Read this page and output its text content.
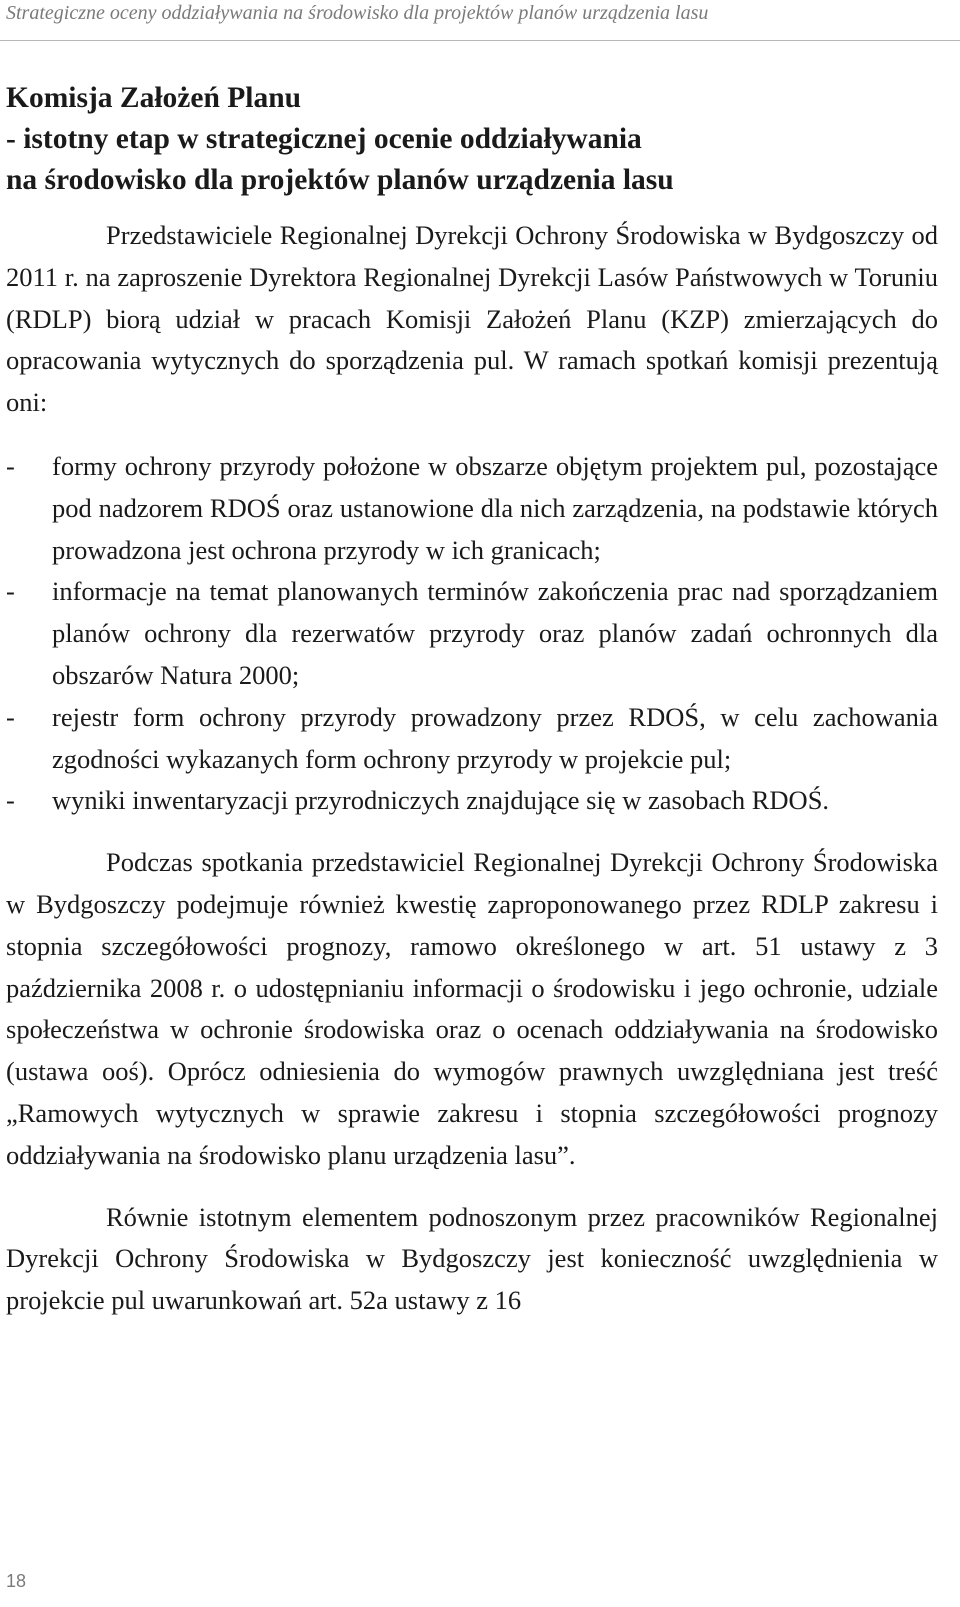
Strategiczne oceny oddziaływania na środowisko dla projektów planów urządzenia lasu
Komisja Założeń Planu
- istotny etap w strategicznej ocenie oddziaływania
na środowisko dla projektów planów urządzenia lasu

Przedstawiciele Regionalnej Dyrekcji Ochrony Środowiska w Bydgoszczy od 2011 r. na zaproszenie Dyrektora Regionalnej Dyrekcji Lasów Państwowych w Toruniu (RDLP) biorą udział w pracach Komisji Założeń Planu (KZP) zmierzających do opracowania wytycznych do sporządzenia pul. W ramach spotkań komisji prezentują oni:

- formy ochrony przyrody położone w obszarze objętym projektem pul, pozostające pod nadzorem RDOŚ oraz ustanowione dla nich zarządzenia, na podstawie których prowadzona jest ochrona przyrody w ich granicach;
- informacje na temat planowanych terminów zakończenia prac nad sporządzaniem planów ochrony dla rezerwatów przyrody oraz planów zadań ochronnych dla obszarów Natura 2000;
- rejestr form ochrony przyrody prowadzony przez RDOŚ, w celu zachowania zgodności wykazanych form ochrony przyrody w projekcie pul;
- wyniki inwentaryzacji przyrodniczych znajdujące się w zasobach RDOŚ.

Podczas spotkania przedstawiciel Regionalnej Dyrekcji Ochrony Środowiska w Bydgoszczy podejmuje również kwestię zaproponowanego przez RDLP zakresu i stopnia szczegółowości prognozy, ramowo określonego w art. 51 ustawy z 3 października 2008 r. o udostępnianiu informacji o środowisku i jego ochronie, udziale społeczeństwa w ochronie środowiska oraz o ocenach oddziaływania na środowisko (ustawa ooś). Oprócz odniesienia do wymogów prawnych uwzględniana jest treść „Ramowych wytycznych w sprawie zakresu i stopnia szczegółowości prognozy oddziaływania na środowisko planu urządzenia lasu”.

Równie istotnym elementem podnoszonym przez pracowników Regionalnej Dyrekcji Ochrony Środowiska w Bydgoszczy jest konieczność uwzględnienia w projekcie pul uwarunkowań art. 52a ustawy z 16

18
